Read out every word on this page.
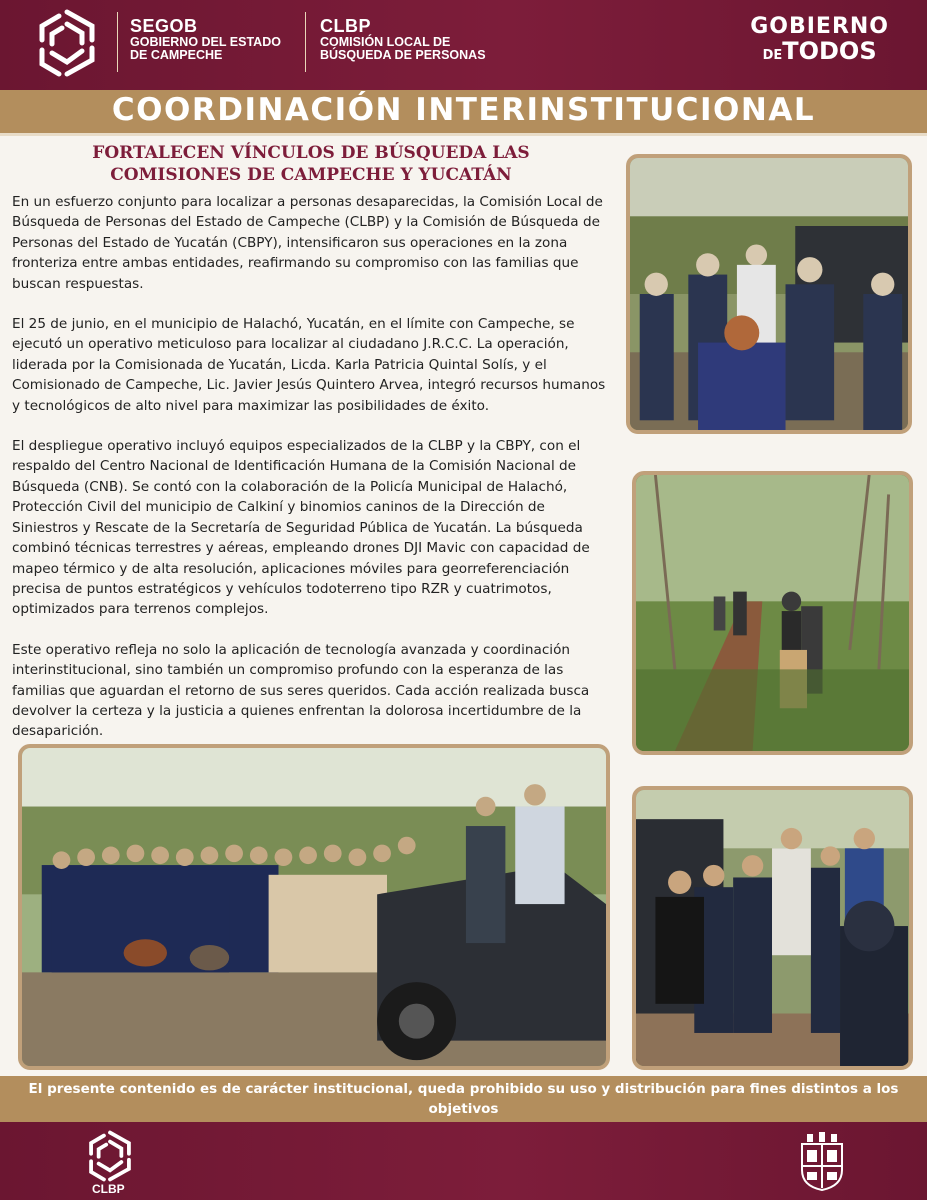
SEGOB
GOBIERNO DEL ESTADO
DE CAMPECHE
CLBP
COMISIÓN LOCAL DE
BÚSQUEDA DE PERSONAS
GOBIERNO
DETODOS
COORDINACIÓN INTERINSTITUCIONAL
FORTALECEN VÍNCULOS DE BÚSQUEDA LAS
COMISIONES DE CAMPECHE Y YUCATÁN

En un esfuerzo conjunto para localizar a personas desaparecidas, la Comisión Local de Búsqueda de Personas del Estado de Campeche (CLBP) y la Comisión de Búsqueda de Personas del Estado de Yucatán (CBPY), intensificaron sus operaciones en la zona fronteriza entre ambas entidades, reafirmando su compromiso con las familias que buscan respuestas.

El 25 de junio, en el municipio de Halachó, Yucatán, en el límite con Campeche, se ejecutó un operativo meticuloso para localizar al ciudadano J.R.C.C. La operación, liderada por la Comisionada de Yucatán, Licda. Karla Patricia Quintal Solís, y el Comisionado de Campeche, Lic. Javier Jesús Quintero Arvea, integró recursos humanos y tecnológicos de alto nivel para maximizar las posibilidades de éxito.

El despliegue operativo incluyó equipos especializados de la CLBP y la CBPY, con el respaldo del Centro Nacional de Identificación Humana de la Comisión Nacional de Búsqueda (CNB). Se contó con la colaboración de la Policía Municipal de Halachó, Protección Civil del municipio de Calkiní y binomios caninos de la Dirección de Siniestros y Rescate de la Secretaría de Seguridad Pública de Yucatán. La búsqueda combinó técnicas terrestres y aéreas, empleando drones DJI Mavic con capacidad de mapeo térmico y de alta resolución, aplicaciones móviles para georreferenciación precisa de puntos estratégicos y vehículos todoterreno tipo RZR y cuatrimotos, optimizados para terrenos complejos.

Este operativo refleja no solo la aplicación de tecnología avanzada y coordinación interinstitucional, sino también un compromiso profundo con la esperanza de las familias que aguardan el retorno de sus seres queridos. Cada acción realizada busca devolver la certeza y la justicia a quienes enfrentan la dolorosa incertidumbre de la desaparición.

El presente contenido es de carácter institucional, queda prohibido su uso y distribución para fines distintos a los objetivos
CLBP
